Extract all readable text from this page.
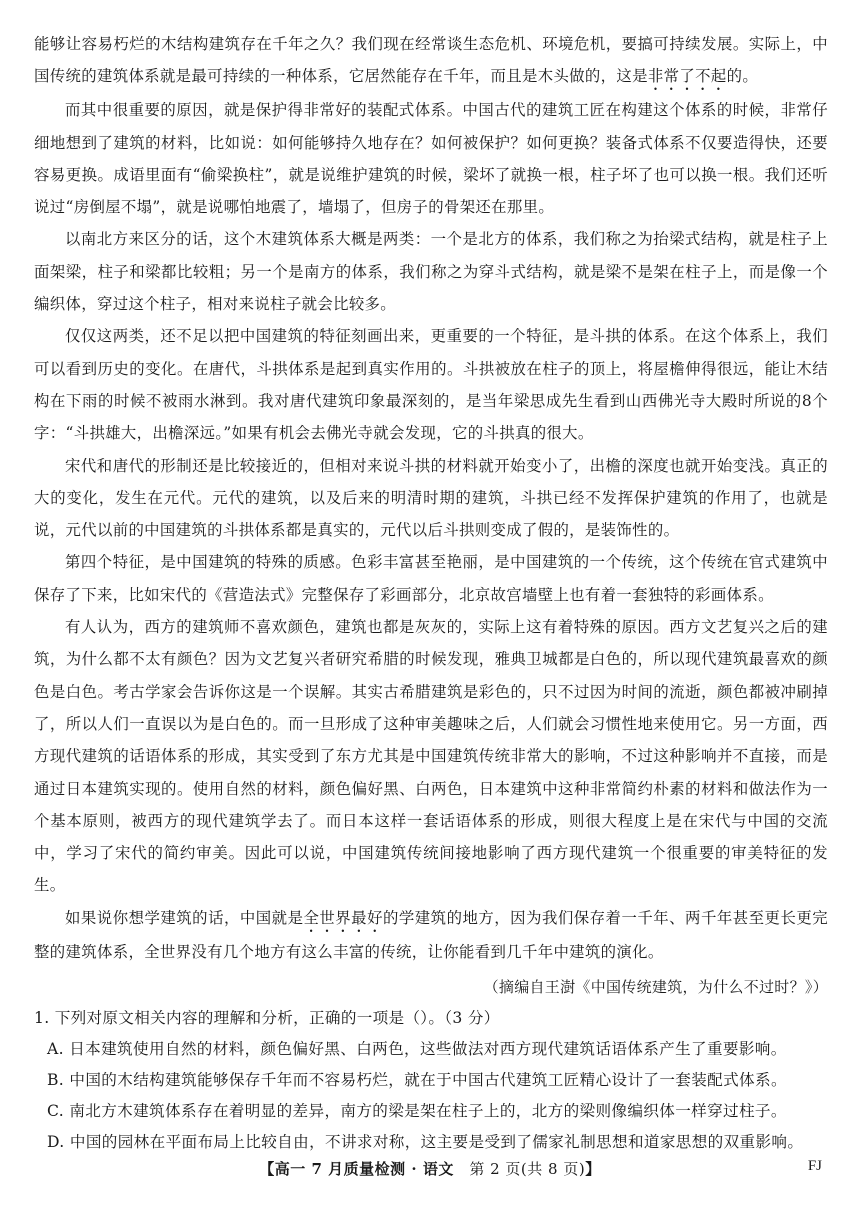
能够让容易朽烂的木结构建筑存在千年之久？我们现在经常谈生态危机、环境危机，要搞可持续发展。实际上，中国传统的建筑体系就是最可持续的一种体系，它居然能存在千年，而且是木头做的，这是非常了不起的。

而其中很重要的原因，就是保护得非常好的装配式体系。中国古代的建筑工匠在构建这个体系的时候，非常仔细地想到了建筑的材料，比如说：如何能够持久地存在？如何被保护？如何更换？装备式体系不仅要造得快，还要容易更换。成语里面有“偷梁换柱”，就是说维护建筑的时候，梁坏了就换一根，柱子坏了也可以换一根。我们还听说过“房倒屋不塌”，就是说哪怕地震了，墙塌了，但房子的骨架还在那里。

以南北方来区分的话，这个木建筑体系大概是两类：一个是北方的体系，我们称之为抬梁式结构，就是柱子上面架梁，柱子和梁都比较粗；另一个是南方的体系，我们称之为穿斗式结构，就是梁不是架在柱子上，而是像一个编织体，穿过这个柱子，相对来说柱子就会比较多。

仅仅这两类，还不足以把中国建筑的特征刻画出来，更重要的一个特征，是斗拱的体系。在这个体系上，我们可以看到历史的变化。在唐代，斗拱体系是起到真实作用的。斗拱被放在柱子的顶上，将屋檐伸得很远，能让木结构在下雨的时候不被雨水淋到。我对唐代建筑印象最深刻的，是当年梁思成先生看到山西佛光寺大殿时所说的8个字：“斗拱雄大，出檐深远。”如果有机会去佛光寺就会发现，它的斗拱真的很大。

宋代和唐代的形制还是比较接近的，但相对来说斗拱的材料就开始变小了，出檐的深度也就开始变浅。真正的大的变化，发生在元代。元代的建筑，以及后来的明清时期的建筑，斗拱已经不发挥保护建筑的作用了，也就是说，元代以前的中国建筑的斗拱体系都是真实的，元代以后斗拱则变成了假的，是装饰性的。

第四个特征，是中国建筑的特殊的质感。色彩丰富甚至艳丽，是中国建筑的一个传统，这个传统在官式建筑中保存了下来，比如宋代的《营造法式》完整保存了彩画部分，北京故宫墙壁上也有着一套独特的彩画体系。

有人认为，西方的建筑师不喜欢颜色，建筑也都是灰灰的，实际上这有着特殊的原因。西方文艺复兴之后的建筑，为什么都不太有颜色？因为文艺复兴者研究希腊的时候发现，雅典卫城都是白色的，所以现代建筑最喜欢的颜色是白色。考古学家会告诉你这是一个误解。其实古希腊建筑是彩色的，只不过因为时间的流逝，颜色都被冲刷掉了，所以人们一直误以为是白色的。而一旦形成了这种审美趣味之后，人们就会习惯性地来使用它。另一方面，西方现代建筑的话语体系的形成，其实受到了东方尤其是中国建筑传统非常大的影响，不过这种影响并不直接，而是通过日本建筑实现的。使用自然的材料，颜色偏好黑、白两色，日本建筑中这种非常简约朴素的材料和做法作为一个基本原则，被西方的现代建筑学去了。而日本这样一套话语体系的形成，则很大程度上是在宋代与中国的交流中，学习了宋代的简约审美。因此可以说，中国建筑传统间接地影响了西方现代建筑一个很重要的审美特征的发生。

如果说你想学建筑的话，中国就是全世界最好的学建筑的地方，因为我们保存着一千年、两千年甚至更长更完整的建筑体系，全世界没有几个地方有这么丰富的传统，让你能看到几千年中建筑的演化。

（摘编自王澍《中国传统建筑，为什么不过时？》）

1. 下列对原文相关内容的理解和分析，正确的一项是（）。（3 分）

A. 日本建筑使用自然的材料，颜色偏好黑、白两色，这些做法对西方现代建筑话语体系产生了重要影响。

B. 中国的木结构建筑能够保存千年而不容易朽烂，就在于中国古代建筑工匠精心设计了一套装配式体系。

C. 南北方木建筑体系存在着明显的差异，南方的梁是架在柱子上的，北方的梁则像编织体一样穿过柱子。

D. 中国的园林在平面布局上比较自由，不讲求对称，这主要是受到了儒家礼制思想和道家思想的双重影响。

【高一 7 月质量检测 · 语文　第 2 页(共 8 页)】	FJ
